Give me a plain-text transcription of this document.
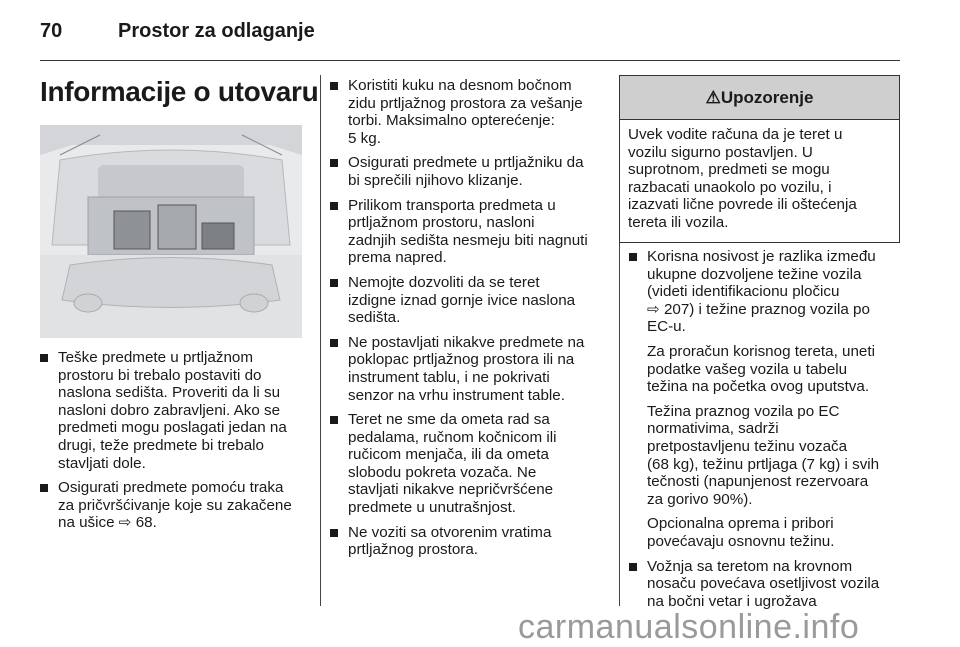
70	Prostor za odlaganje
Informacije o utovaru
Teške predmete u prtljažnom
prostoru bi trebalo postaviti do
naslona sedišta. Proveriti da li su
nasloni dobro zabravljeni. Ako se
predmeti mogu poslagati jedan na
drugi, teže predmete bi trebalo
stavljati dole.
Osigurati predmete pomoću traka
za pričvršćivanje koje su zakačene
na ušice ⇨ 68.
Koristiti kuku na desnom bočnom
zidu prtljažnog prostora za vešanje
torbi. Maksimalno opterećenje:
5 kg.
Osigurati predmete u prtljažniku da
bi sprečili njihovo klizanje.
Prilikom transporta predmeta u
prtljažnom prostoru, nasloni
zadnjih sedišta nesmeju biti nagnuti
prema napred.
Nemojte dozvoliti da se teret
izdigne iznad gornje ivice naslona
sedišta.
Ne postavljati nikakve predmete na
poklopac prtljažnog prostora ili na
instrument tablu, i ne pokrivati
senzor na vrhu instrument table.
Teret ne sme da ometa rad sa
pedalama, ručnom kočnicom ili
ručicom menjača, ili da ometa
slobodu pokreta vozača. Ne
stavljati nikakve nepričvršćene
predmete u unutrašnjost.
Ne voziti sa otvorenim vratima
prtljažnog prostora.
⚠Upozorenje
Uvek vodite računa da je teret u
vozilu sigurno postavljen. U
suprotnom, predmeti se mogu
razbacati unaokolo po vozilu, i
izazvati lične povrede ili oštećenja
tereta ili vozila.
Korisna nosivost je razlika između
ukupne dozvoljene težine vozila
(videti identifikacionu pločicu
⇨ 207) i težine praznog vozila po
EC-u.
Za proračun korisnog tereta, uneti
podatke vašeg vozila u tabelu
težina na početka ovog uputstva.
Težina praznog vozila po EC
normativima, sadrži
pretpostavljenu težinu vozača
(68 kg), težinu prtljaga (7 kg) i svih
tečnosti (napunjenost rezervoara
za gorivo 90%).
Opcionalna oprema i pribori
povećavaju osnovnu težinu.
Vožnja sa teretom na krovnom
nosaču povećava osetljivost vozila
na bočni vetar i ugrožava
carmanualsonline.info
